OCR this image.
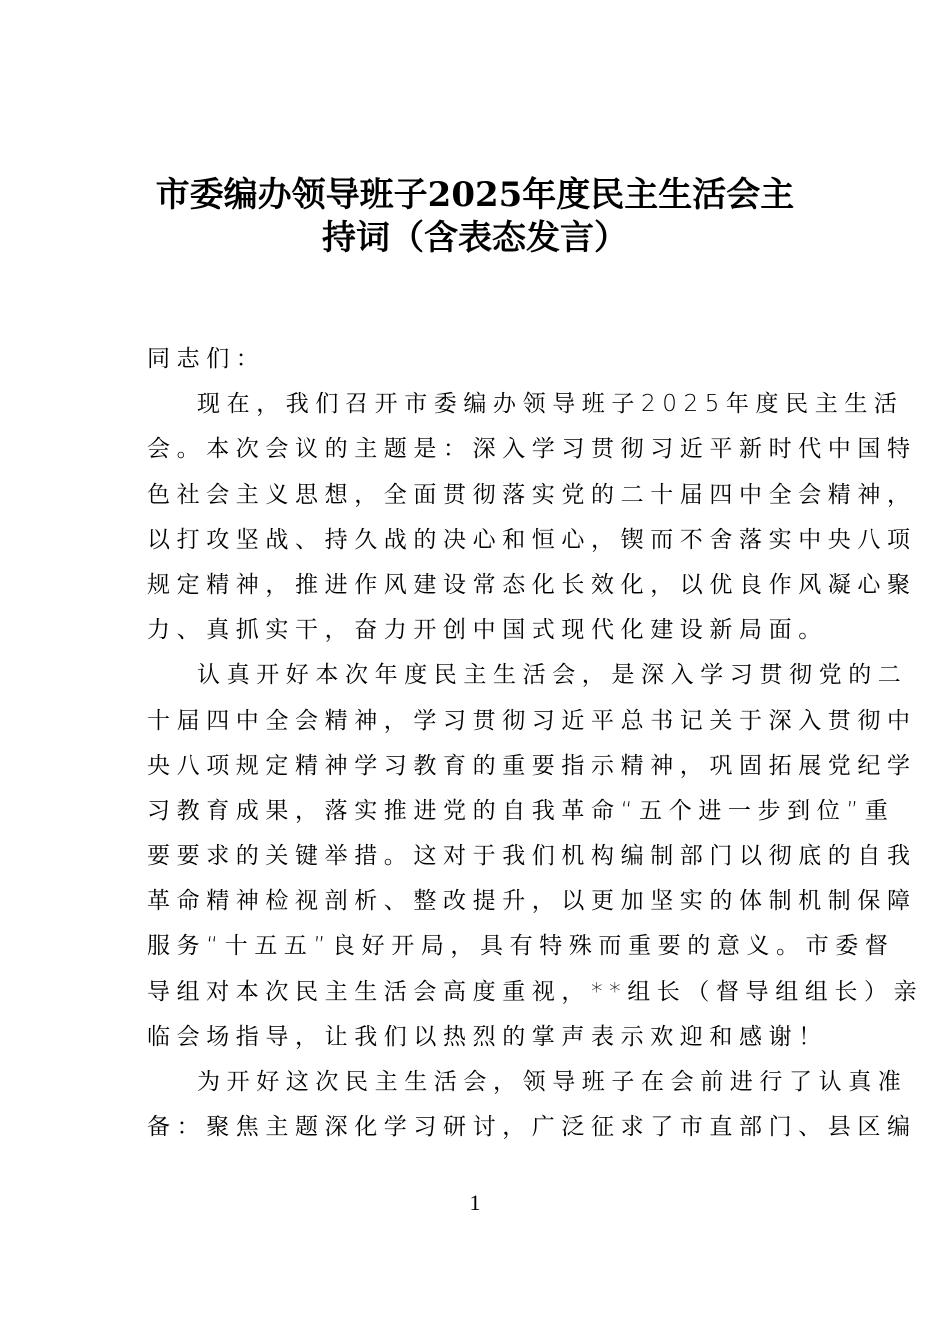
市委编办领导班子2025年度民主生活会主
持词（含表态发言）
同志们：
现在，我们召开市委编办领导班子2025年度民主生活
会。本次会议的主题是：深入学习贯彻习近平新时代中国特
色社会主义思想，全面贯彻落实党的二十届四中全会精神，
以打攻坚战、持久战的决心和恒心，锲而不舍落实中央八项
规定精神，推进作风建设常态化长效化，以优良作风凝心聚
力、真抓实干，奋力开创中国式现代化建设新局面。
认真开好本次年度民主生活会，是深入学习贯彻党的二
十届四中全会精神，学习贯彻习近平总书记关于深入贯彻中
央八项规定精神学习教育的重要指示精神，巩固拓展党纪学
习教育成果，落实推进党的自我革命“五个进一步到位”重
要要求的关键举措。这对于我们机构编制部门以彻底的自我
革命精神检视剖析、整改提升，以更加坚实的体制机制保障
服务“十五五”良好开局，具有特殊而重要的意义。市委督
导组对本次民主生活会高度重视，**组长（督导组组长）亲
临会场指导，让我们以热烈的掌声表示欢迎和感谢！
为开好这次民主生活会，领导班子在会前进行了认真准
备：聚焦主题深化学习研讨，广泛征求了市直部门、县区编
1
